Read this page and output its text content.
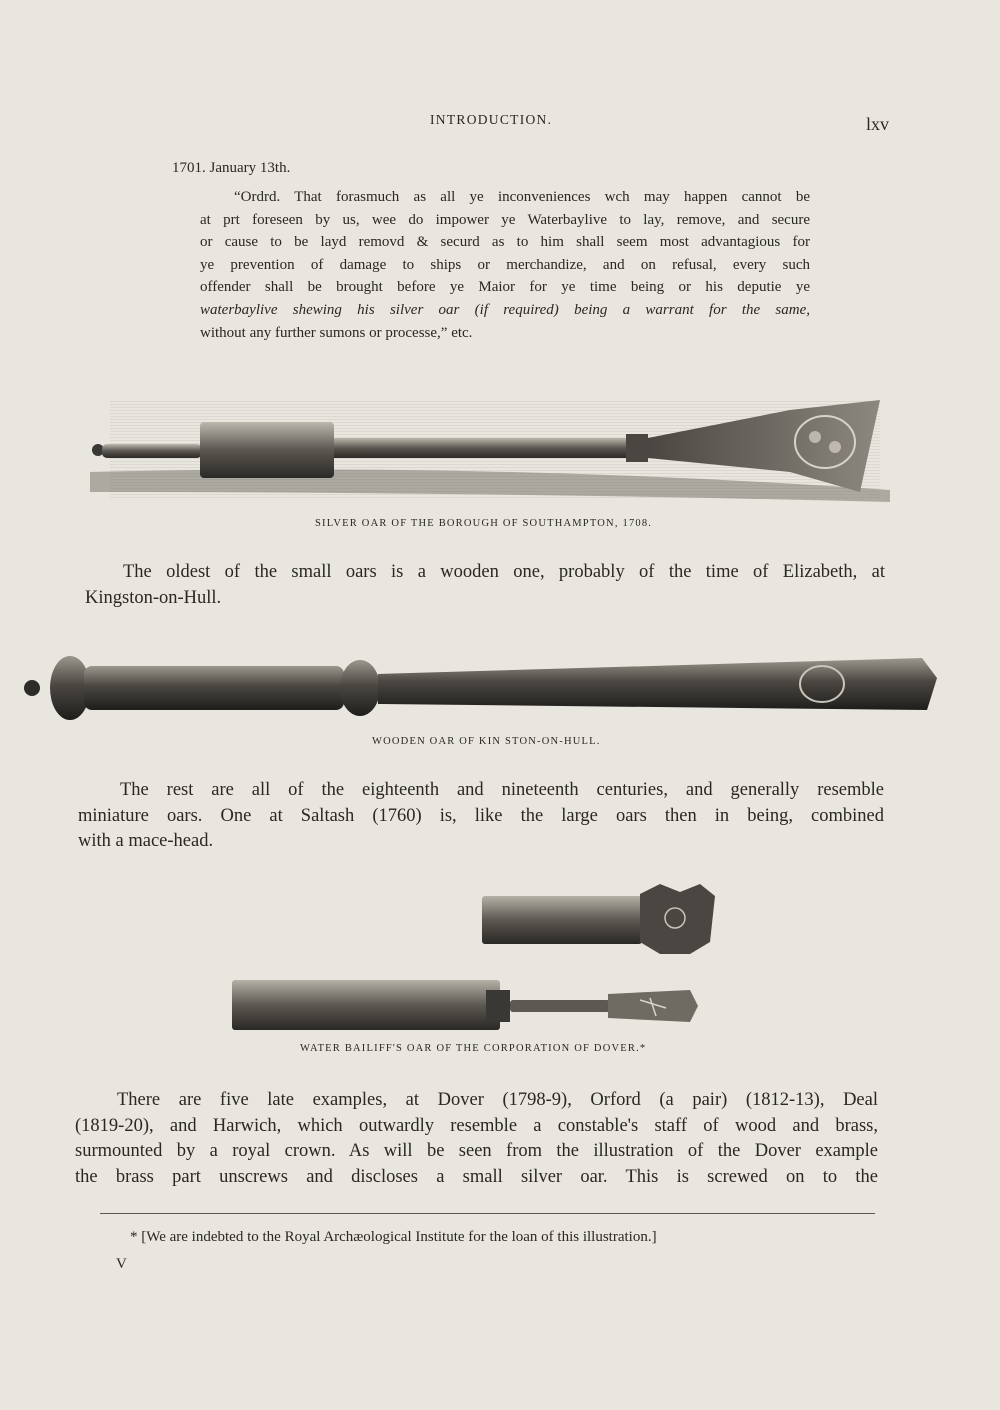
INTRODUCTION.	lxv
1701. January 13th.
“Ordrd. That forasmuch as all ye inconveniences wch may happen cannot be
at prt foreseen by us, wee do impower ye Waterbaylive to lay, remove, and secure
or cause to be layd removd & securd as to him shall seem most advantagious for
ye prevention of damage to ships or merchandize, and on refusal, every such
offender shall be brought before ye Maior for ye time being or his deputie ye
waterbaylive shewing his silver oar (if required) being a warrant for the same,
without any further sumons or processe,” etc.
SILVER OAR OF THE BOROUGH OF SOUTHAMPTON, 1708.
The oldest of the small oars is a wooden one, probably of the time of Elizabeth, at
Kingston-on-Hull.
WOODEN OAR OF KIN STON-ON-HULL.
The rest are all of the eighteenth and nineteenth centuries, and generally resemble
miniature oars. One at Saltash (1760) is, like the large oars then in being, combined
with a mace-head.
WATER BAILIFF'S OAR OF THE CORPORATION OF DOVER.*
There are five late examples, at Dover (1798-9), Orford (a pair) (1812-13), Deal
(1819-20), and Harwich, which outwardly resemble a constable's staff of wood and brass,
surmounted by a royal crown. As will be seen from the illustration of the Dover example
the brass part unscrews and discloses a small silver oar. This is screwed on to the
* [We are indebted to the Royal Archæological Institute for the loan of this illustration.]
V
